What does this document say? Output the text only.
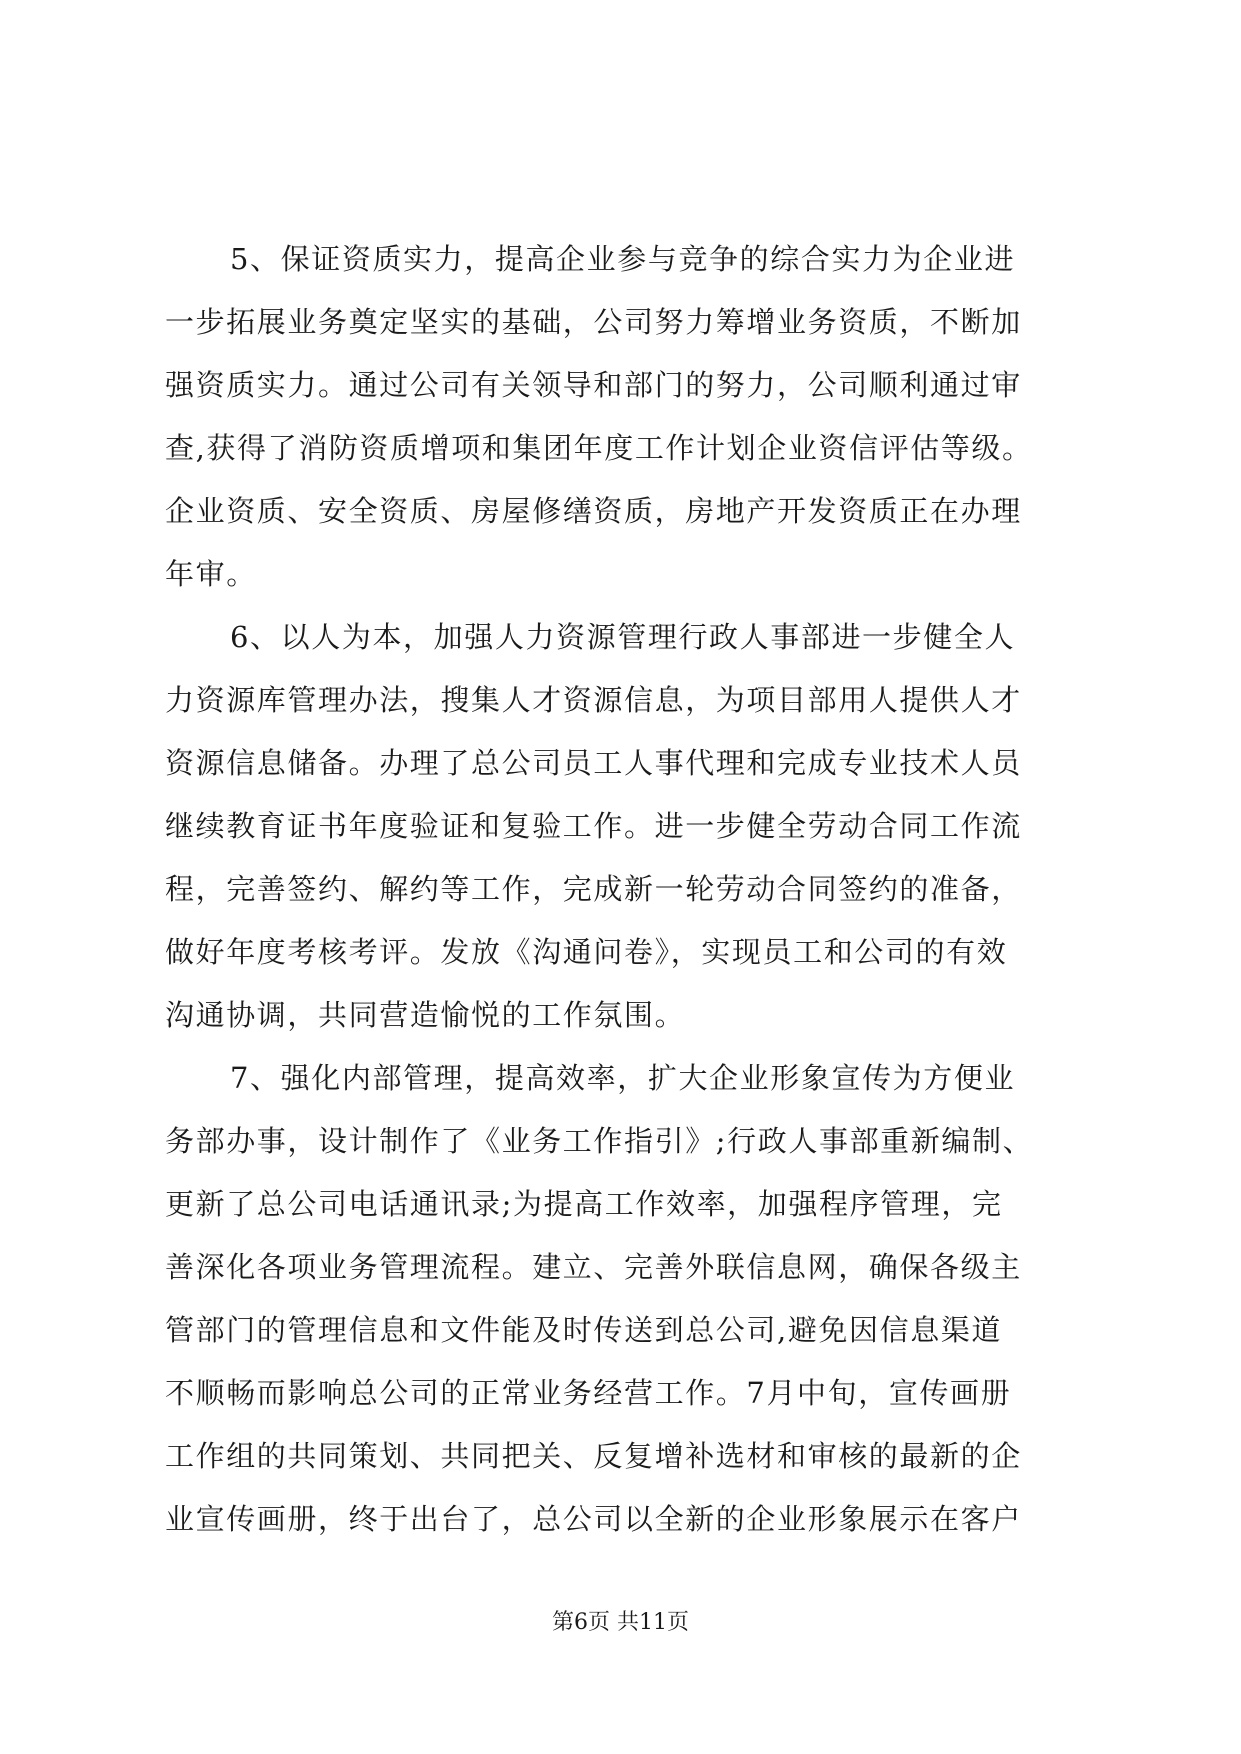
5、保证资质实力，提高企业参与竞争的综合实力为企业进
一步拓展业务奠定坚实的基础，公司努力筹增业务资质，不断加
强资质实力。通过公司有关领导和部门的努力，公司顺利通过审
查,获得了消防资质增项和集团年度工作计划企业资信评估等级。
企业资质、安全资质、房屋修缮资质，房地产开发资质正在办理
年审。
6、以人为本，加强人力资源管理行政人事部进一步健全人
力资源库管理办法，搜集人才资源信息，为项目部用人提供人才
资源信息储备。办理了总公司员工人事代理和完成专业技术人员
继续教育证书年度验证和复验工作。进一步健全劳动合同工作流
程，完善签约、解约等工作，完成新一轮劳动合同签约的准备，
做好年度考核考评。发放《沟通问卷》，实现员工和公司的有效
沟通协调，共同营造愉悦的工作氛围。
7、强化内部管理，提高效率，扩大企业形象宣传为方便业
务部办事，设计制作了《业务工作指引》;行政人事部重新编制、
更新了总公司电话通讯录;为提高工作效率，加强程序管理，完
善深化各项业务管理流程。建立、完善外联信息网，确保各级主
管部门的管理信息和文件能及时传送到总公司,避免因信息渠道
不顺畅而影响总公司的正常业务经营工作。7月中旬，宣传画册
工作组的共同策划、共同把关、反复增补选材和审核的最新的企
业宣传画册，终于出台了，总公司以全新的企业形象展示在客户
第6页 共11页
